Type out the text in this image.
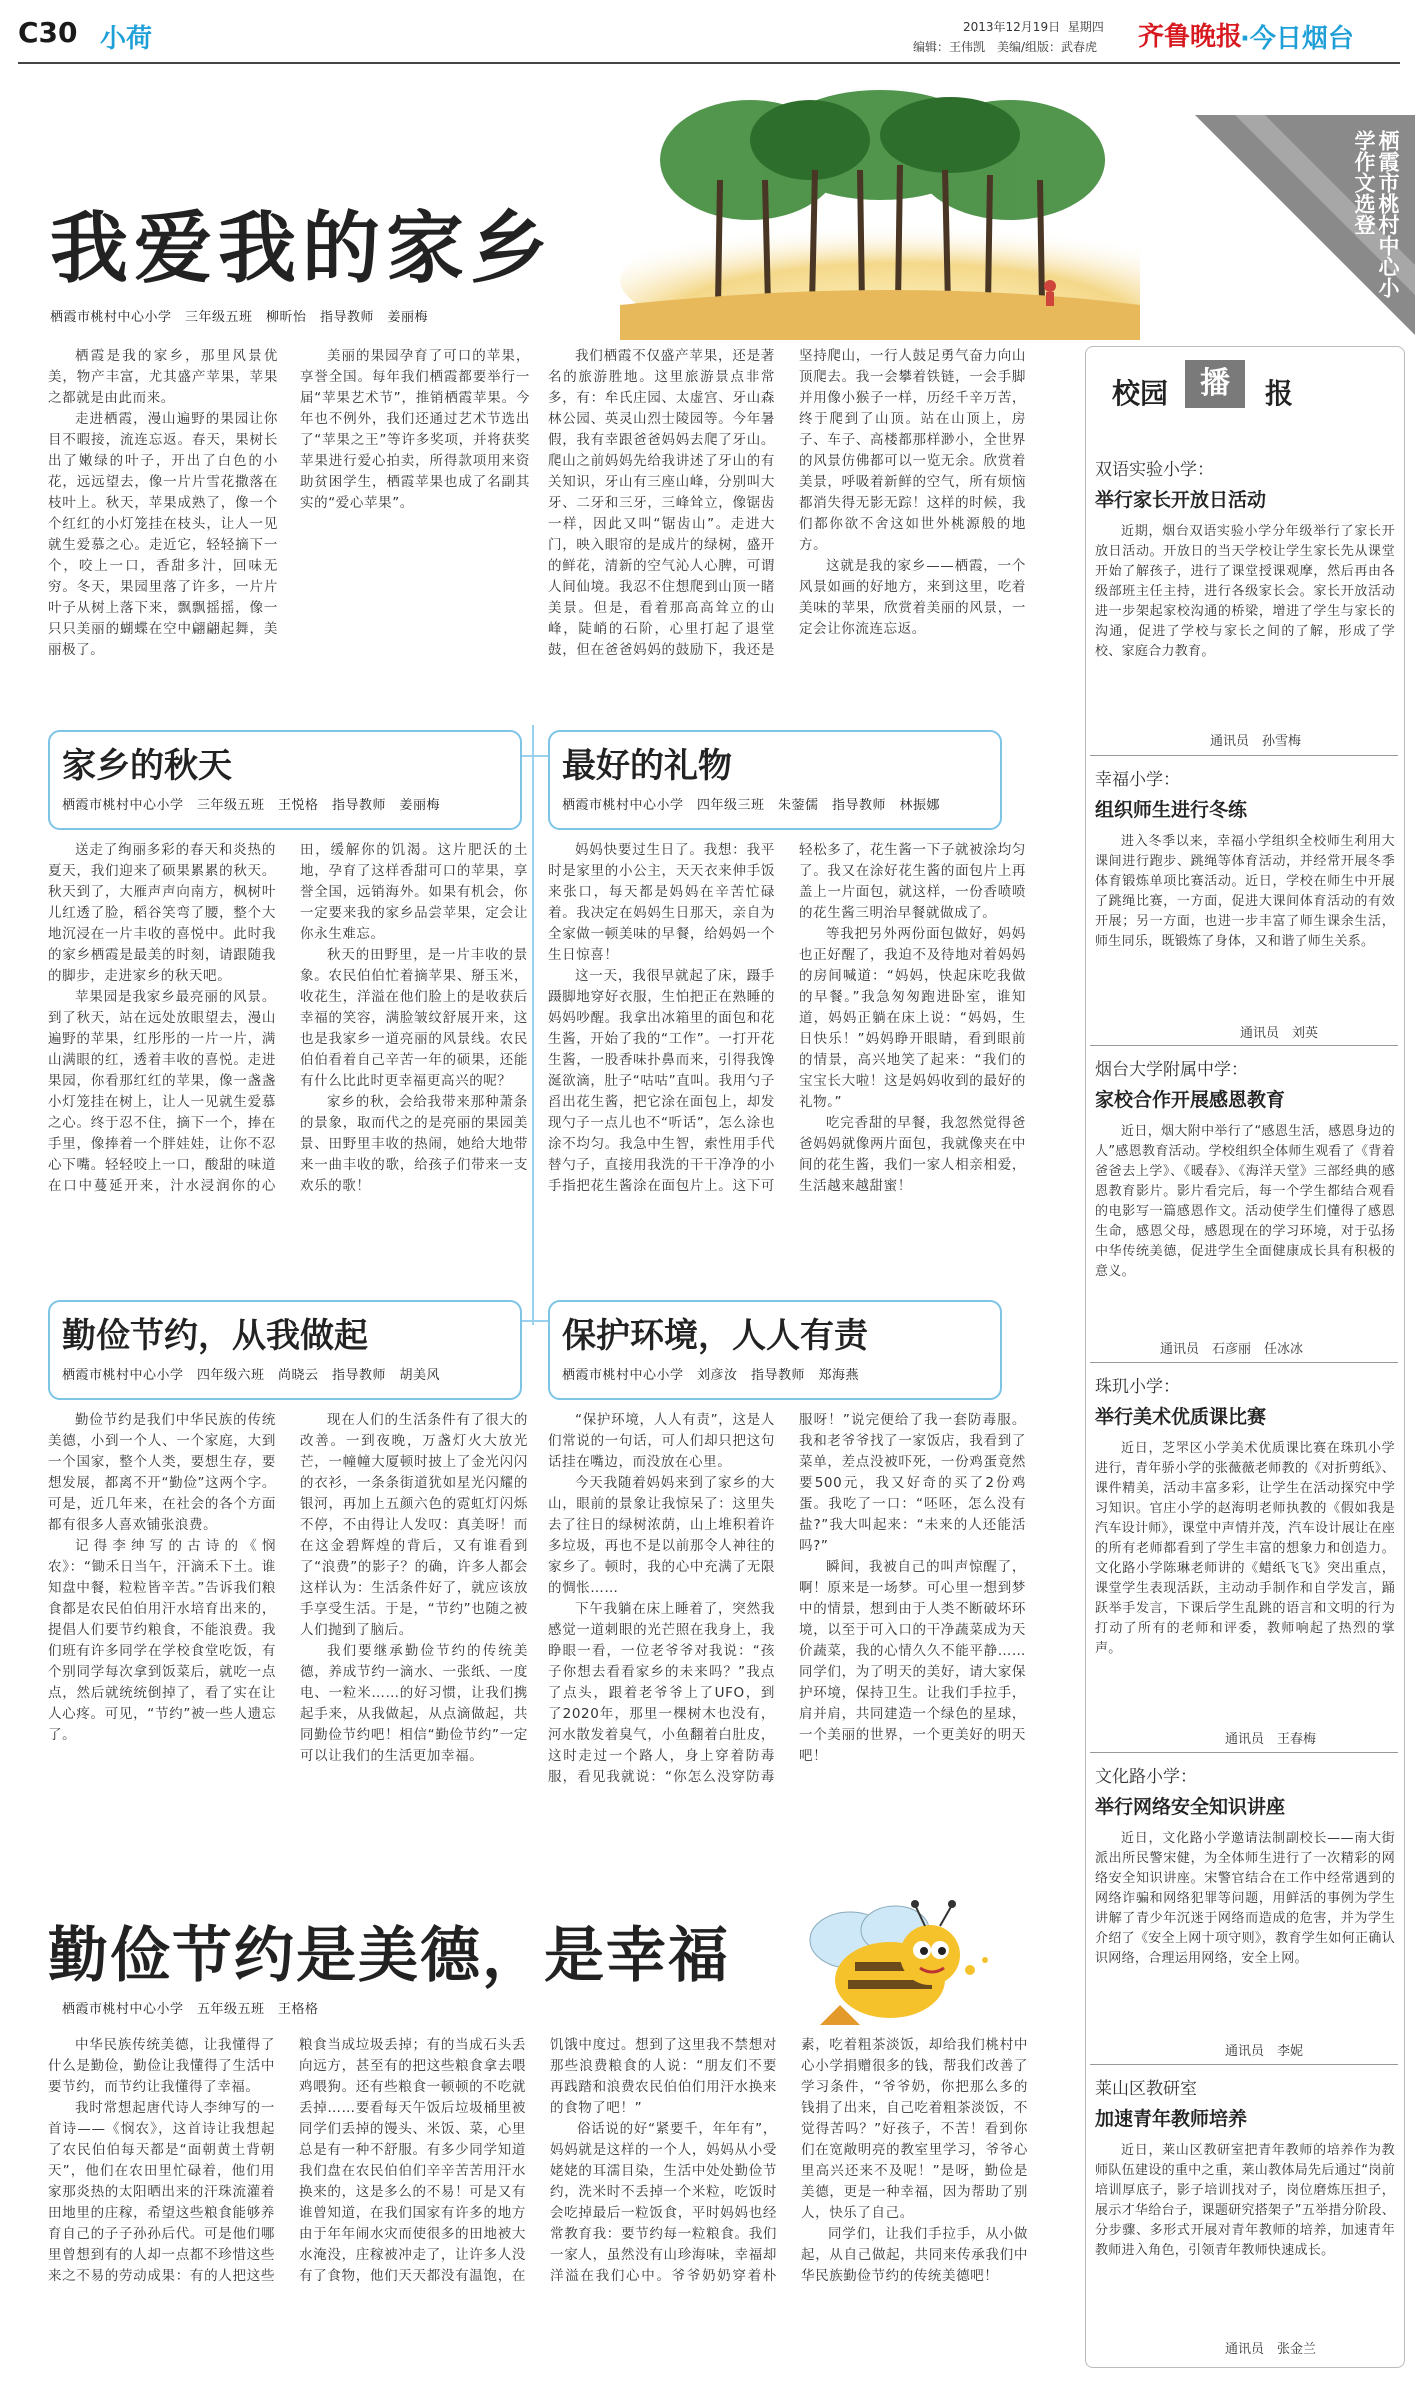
C30 小荷	2013年12月19日 星期四
编辑：王伟凯　美编/组版：武春虎 齐鲁晚报
·今日烟台
我爱我的家乡
栖霞市桃村中心小学　三年级五班　柳昕怡　指导教师　姜丽梅
栖霞市桃村中心小学作文选登

栖霞是我的家乡，那里风景优美，物产丰富，尤其盛产苹果，苹果之都就是由此而来。

走进栖霞，漫山遍野的果园让你目不暇接，流连忘返。春天，果树长出了嫩绿的叶子，开出了白色的小花，远远望去，像一片片雪花撒落在枝叶上。秋天，苹果成熟了，像一个个红红的小灯笼挂在枝头，让人一见就生爱慕之心。走近它，轻轻摘下一个，咬上一口，香甜多汁，回味无穷。冬天，果园里落了许多，一片片叶子从树上落下来，飘飘摇摇，像一只只美丽的蝴蝶在空中翩翩起舞，美丽极了。

美丽的果园孕育了可口的苹果，享誉全国。每年我们栖霞都要举行一届“苹果艺术节”，推销栖霞苹果。今年也不例外，我们还通过艺术节选出了“苹果之王”等许多奖项，并将获奖苹果进行爱心拍卖，所得款项用来资助贫困学生，栖霞苹果也成了名副其实的“爱心苹果”。

我们栖霞不仅盛产苹果，还是著名的旅游胜地。这里旅游景点非常多，有：牟氏庄园、太虚宫、牙山森林公园、英灵山烈士陵园等。今年暑假，我有幸跟爸爸妈妈去爬了牙山。爬山之前妈妈先给我讲述了牙山的有关知识，牙山有三座山峰，分别叫大牙、二牙和三牙，三峰耸立，像锯齿一样，因此又叫“锯齿山”。走进大门，映入眼帘的是成片的绿树，盛开的鲜花，清新的空气沁人心脾，可谓人间仙境。我忍不住想爬到山顶一睹美景。但是，看着那高高耸立的山峰，陡峭的石阶，心里打起了退堂鼓，但在爸爸妈妈的鼓励下，我还是坚持爬山，一行人鼓足勇气奋力向山顶爬去。我一会攀着铁链，一会手脚并用像小猴子一样，历经千辛万苦，终于爬到了山顶。站在山顶上，房子、车子、高楼都那样渺小，全世界的风景仿佛都可以一览无余。欣赏着美景，呼吸着新鲜的空气，所有烦恼都消失得无影无踪！这样的时候，我们都你欲不舍这如世外桃源般的地方。

这就是我的家乡——栖霞，一个风景如画的好地方，来到这里，吃着美味的苹果，欣赏着美丽的风景，一定会让你流连忘返。

家乡的秋天
栖霞市桃村中心小学　三年级五班　王悦格　指导教师　姜丽梅

送走了绚丽多彩的春天和炎热的夏天，我们迎来了硕果累累的秋天。秋天到了，大雁声声向南方，枫树叶儿红透了脸，稻谷笑弯了腰，整个大地沉浸在一片丰收的喜悦中。此时我的家乡栖霞是最美的时刻，请跟随我的脚步，走进家乡的秋天吧。

苹果园是我家乡最亮丽的风景。到了秋天，站在远处放眼望去，漫山遍野的苹果，红彤彤的一片一片，满山满眼的红，透着丰收的喜悦。走进果园，你看那红红的苹果，像一盏盏小灯笼挂在树上，让人一见就生爱慕之心。终于忍不住，摘下一个，捧在手里，像捧着一个胖娃娃，让你不忍心下嘴。轻轻咬上一口，酸甜的味道在口中蔓延开来，汁水浸润你的心田，缓解你的饥渴。这片肥沃的土地，孕育了这样香甜可口的苹果，享誉全国，远销海外。如果有机会，你一定要来我的家乡品尝苹果，定会让你永生难忘。

秋天的田野里，是一片丰收的景象。农民伯伯忙着摘苹果、掰玉米，收花生，洋溢在他们脸上的是收获后幸福的笑容，满脸皱纹舒展开来，这也是我家乡一道亮丽的风景线。农民伯伯看着自己辛苦一年的硕果，还能有什么比此时更幸福更高兴的呢？

家乡的秋，会给我带来那种萧条的景象，取而代之的是亮丽的果园美景、田野里丰收的热闹，她给大地带来一曲丰收的歌，给孩子们带来一支欢乐的歌！

最好的礼物
栖霞市桃村中心小学　四年级三班　朱蓥儒　指导教师　林振娜

妈妈快要过生日了。我想：我平时是家里的小公主，天天衣来伸手饭来张口，每天都是妈妈在辛苦忙碌着。我决定在妈妈生日那天，亲自为全家做一顿美味的早餐，给妈妈一个生日惊喜！

这一天，我很早就起了床，蹑手蹑脚地穿好衣服，生怕把正在熟睡的妈妈吵醒。我拿出冰箱里的面包和花生酱，开始了我的“工作”。一打开花生酱，一股香味扑鼻而来，引得我馋涎欲滴，肚子“咕咕”直叫。我用勺子舀出花生酱，把它涂在面包上，却发现勺子一点儿也不“听话”，怎么涂也涂不均匀。我急中生智，索性用手代替勺子，直接用我洗的干干净净的小手指把花生酱涂在面包片上。这下可轻松多了，花生酱一下子就被涂均匀了。我又在涂好花生酱的面包片上再盖上一片面包，就这样，一份香喷喷的花生酱三明治早餐就做成了。

等我把另外两份面包做好，妈妈也正好醒了，我迫不及待地对着妈妈的房间喊道：“妈妈，快起床吃我做的早餐。”我急匆匆跑进卧室，谁知道，妈妈正躺在床上说：“妈妈，生日快乐！”妈妈睁开眼睛，看到眼前的情景，高兴地笑了起来：“我们的宝宝长大啦！这是妈妈收到的最好的礼物。”

吃完香甜的早餐，我忽然觉得爸爸妈妈就像两片面包，我就像夹在中间的花生酱，我们一家人相亲相爱，生活越来越甜蜜！

勤俭节约，从我做起
栖霞市桃村中心小学　四年级六班　尚晓云　指导教师　胡美风

勤俭节约是我们中华民族的传统美德，小到一个人、一个家庭，大到一个国家，整个人类，要想生存，要想发展，都离不开“勤俭”这两个字。可是，近几年来，在社会的各个方面都有很多人喜欢铺张浪费。

记得李绅写的古诗的《悯农》：“锄禾日当午，汗滴禾下土。谁知盘中餐，粒粒皆辛苦。”告诉我们粮食都是农民伯伯用汗水培育出来的，提倡人们要节约粮食，不能浪费。我们班有许多同学在学校食堂吃饭，有个别同学每次拿到饭菜后，就吃一点点，然后就统统倒掉了，看了实在让人心疼。可见，“节约”被一些人遗忘了。

现在人们的生活条件有了很大的改善。一到夜晚，万盏灯火大放光芒，一幢幢大厦顿时披上了金光闪闪的衣衫，一条条街道犹如星光闪耀的银河，再加上五颜六色的霓虹灯闪烁不停，不由得让人发叹：真美呀！而在这金碧辉煌的背后，又有谁看到了“浪费”的影子？的确，许多人都会这样认为：生活条件好了，就应该放手享受生活。于是，“节约”也随之被人们抛到了脑后。

我们要继承勤俭节约的传统美德，养成节约一滴水、一张纸、一度电、一粒米……的好习惯，让我们携起手来，从我做起，从点滴做起，共同勤俭节约吧！相信“勤俭节约”一定可以让我们的生活更加幸福。

保护环境，人人有责
栖霞市桃村中心小学　刘彦汝　指导教师　郑海燕

“保护环境，人人有责”，这是人们常说的一句话，可人们却只把这句话挂在嘴边，而没放在心里。

今天我随着妈妈来到了家乡的大山，眼前的景象让我惊呆了：这里失去了往日的绿树浓荫，山上堆积着许多垃圾，再也不是以前那令人神往的家乡了。顿时，我的心中充满了无限的惆怅……

下午我躺在床上睡着了，突然我感觉一道刺眼的光芒照在我身上，我睁眼一看，一位老爷爷对我说：“孩子你想去看看家乡的未来吗？”我点了点头，跟着老爷爷上了UFO，到了2020年，那里一棵树木也没有，河水散发着臭气，小鱼翻着白肚皮，这时走过一个路人，身上穿着防毒服，看见我就说：“你怎么没穿防毒服呀！”说完便给了我一套防毒服。我和老爷爷找了一家饭店，我看到了菜单，差点没被吓死，一份鸡蛋竟然要500元，我又好奇的买了2份鸡蛋。我吃了一口：“呸呸，怎么没有盐?”我大叫起来：“未来的人还能活吗?”

瞬间，我被自己的叫声惊醒了，啊！原来是一场梦。可心里一想到梦中的情景，想到由于人类不断破坏环境，以至于可入口的干净蔬菜成为天价蔬菜，我的心情久久不能平静……同学们，为了明天的美好，请大家保护环境，保持卫生。让我们手拉手，肩并肩，共同建造一个绿色的星球，一个美丽的世界，一个更美好的明天吧！

勤俭节约是美德，是幸福
栖霞市桃村中心小学　五年级五班　王格格

中华民族传统美德，让我懂得了什么是勤俭，勤俭让我懂得了生活中要节约，而节约让我懂得了幸福。

我时常想起唐代诗人李绅写的一首诗——《悯农》，这首诗让我想起了农民伯伯每天都是“面朝黄土背朝天”，他们在农田里忙碌着，他们用家那炎热的太阳晒出来的汗珠流灌着田地里的庄稼，希望这些粮食能够养育自己的子子孙孙后代。可是他们哪里曾想到有的人却一点都不珍惜这些来之不易的劳动成果：有的人把这些粮食当成垃圾丢掉；有的当成石头丢向远方，甚至有的把这些粮食拿去喂鸡喂狗。还有些粮食一顿顿的不吃就丢掉……要看每天午饭后垃圾桶里被同学们丢掉的馒头、米饭、菜，心里总是有一种不舒服。有多少同学知道我们盘在农民伯伯们辛辛苦苦用汗水换来的，这是多么的不易！可是又有谁曾知道，在我们国家有许多的地方由于年年闹水灾而使很多的田地被大水淹没，庄稼被冲走了，让许多人没有了食物，他们天天都没有温饱，在饥饿中度过。想到了这里我不禁想对那些浪费粮食的人说：“朋友们不要再践踏和浪费农民伯伯们用汗水换来的食物了吧！”

俗话说的好“紧要千，年年有”，妈妈就是这样的一个人，妈妈从小受姥姥的耳濡目染，生活中处处勤俭节约，洗米时不丢掉一个米粒，吃饭时会吃掉最后一粒饭食，平时妈妈也经常教育我：要节约每一粒粮食。我们一家人，虽然没有山珍海味，幸福却洋溢在我们心中。爷爷奶奶穿着朴素，吃着粗茶淡饭，却给我们桃村中心小学捐赠很多的钱，帮我们改善了学习条件，“爷爷奶，你把那么多的钱捐了出来，自己吃着粗茶淡饭，不觉得苦吗？”好孩子，不苦！看到你们在宽敞明亮的教室里学习，爷爷心里高兴还来不及呢！”是呀，勤俭是美德，更是一种幸福，因为帮助了别人，快乐了自己。

同学们，让我们手拉手，从小做起，从自己做起，共同来传承我们中华民族勤俭节约的传统美德吧！

校园	播	报
双语实验小学：
举行家长开放日活动

近期，烟台双语实验小学分年级举行了家长开放日活动。开放日的当天学校让学生家长先从课堂开始了解孩子，进行了课堂授课观摩，然后再由各级部班主任主持，进行各级家长会。家长开放活动进一步架起家校沟通的桥梁，增进了学生与家长的沟通，促进了学校与家长之间的了解，形成了学校、家庭合力教育。

通讯员　孙雪梅
幸福小学：
组织师生进行冬练

进入冬季以来，幸福小学组织全校师生利用大课间进行跑步、跳绳等体育活动，并经常开展冬季体育锻炼单项比赛活动。近日，学校在师生中开展了跳绳比赛，一方面，促进大课间体育活动的有效开展；另一方面，也进一步丰富了师生课余生活，师生同乐，既锻炼了身体，又和谐了师生关系。

通讯员　刘英
烟台大学附属中学：
家校合作开展感恩教育

近日，烟大附中举行了“感恩生活，感恩身边的人”感恩教育活动。学校组织全体师生观看了《背着爸爸去上学》、《暖春》、《海洋天堂》三部经典的感恩教育影片。影片看完后，每一个学生都结合观看的电影写一篇感恩作文。活动使学生们懂得了感恩生命，感恩父母，感恩现在的学习环境，对于弘扬中华传统美德，促进学生全面健康成长具有积极的意义。

通讯员　石彦丽　任冰冰
珠玑小学：
举行美术优质课比赛

近日，芝罘区小学美术优质课比赛在珠玑小学进行，青年骄小学的张薇薇老师教的《对折剪纸》、课件精美，活动丰富多彩，让学生在活动探究中学习知识。官庄小学的赵海明老师执教的《假如我是汽车设计师》，课堂中声情并茂，汽车设计展让在座的所有老师都看到了学生丰富的想象力和创造力。文化路小学陈琳老师讲的《蜡纸飞飞》突出重点，课堂学生表现活跃，主动动手制作和自学发言，踊跃举手发言，下课后学生乱跳的语言和文明的行为打动了所有的老师和评委，教师响起了热烈的掌声。

通讯员　王春梅
文化路小学：
举行网络安全知识讲座

近日，文化路小学邀请法制副校长——南大街派出所民警宋健，为全体师生进行了一次精彩的网络安全知识讲座。宋警官结合在工作中经常遇到的网络诈骗和网络犯罪等问题，用鲜活的事例为学生讲解了青少年沉迷于网络而造成的危害，并为学生介绍了《安全上网十项守则》，教育学生如何正确认识网络，合理运用网络，安全上网。

通讯员　李妮
莱山区教研室
加速青年教师培养

近日，莱山区教研室把青年教师的培养作为教师队伍建设的重中之重，莱山教体局先后通过“岗前培训厚底子，影子培训找对子，岗位磨炼压担子，展示才华给台子，课题研究搭架子”五举措分阶段、分步骤、多形式开展对青年教师的培养，加速青年教师进入角色，引领青年教师快速成长。

通讯员　张金兰
